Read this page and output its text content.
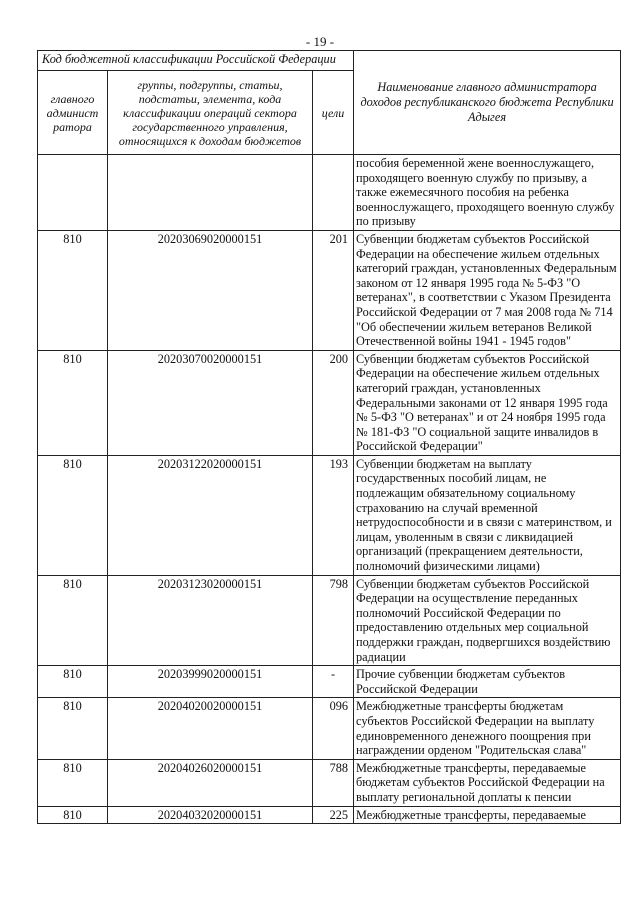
- 19 -
Код бюджетной классификации Российской Федерации			Наименование главного администратора доходов республиканского бюджета Республики Адыгея
главного админист ратора	группы, подгруппы, статьи, подстатьи, элемента, кода классификации операций сектора государственного управления, относящихся к доходам бюджетов	цели	
			пособия беременной жене военнослужащего, проходящего военную службу по призыву, а также ежемесячного пособия на ребенка военнослужащего, проходящего военную службу по призыву
810	20203069020000151	201	Субвенции бюджетам субъектов Российской Федерации на обеспечение жильем отдельных категорий граждан, установленных Федеральным законом от 12 января 1995 года № 5-ФЗ "О ветеранах", в соответствии с Указом Президента Российской Федерации от 7 мая 2008 года № 714 "Об обеспечении жильем ветеранов Великой Отечественной войны 1941 - 1945 годов"
810	20203070020000151	200	Субвенции бюджетам субъектов Российской Федерации на обеспечение жильем отдельных категорий граждан, установленных Федеральными законами от 12 января 1995 года № 5-ФЗ "О ветеранах" и от 24 ноября 1995 года № 181-ФЗ "О социальной защите инвалидов в Российской Федерации"
810	20203122020000151	193	Субвенции бюджетам на выплату государственных пособий лицам, не подлежащим обязательному социальному страхованию на случай временной нетрудоспособности и в связи с материнством, и лицам, уволенным в связи с ликвидацией организаций (прекращением деятельности, полномочий физическими лицами)
810	20203123020000151	798	Субвенции бюджетам субъектов Российской Федерации на осуществление переданных полномочий Российской Федерации по предоставлению отдельных мер социальной поддержки граждан, подвергшихся воздействию радиации
810	20203999020000151	-	Прочие субвенции бюджетам субъектов Российской Федерации
810	20204020020000151	096	Межбюджетные трансферты бюджетам субъектов Российской Федерации на выплату единовременного денежного поощрения при награждении орденом "Родительская слава"
810	20204026020000151	788	Межбюджетные трансферты, передаваемые бюджетам субъектов Российской Федерации на выплату региональной доплаты к пенсии
810	20204032020000151	225	Межбюджетные трансферты, передаваемые
